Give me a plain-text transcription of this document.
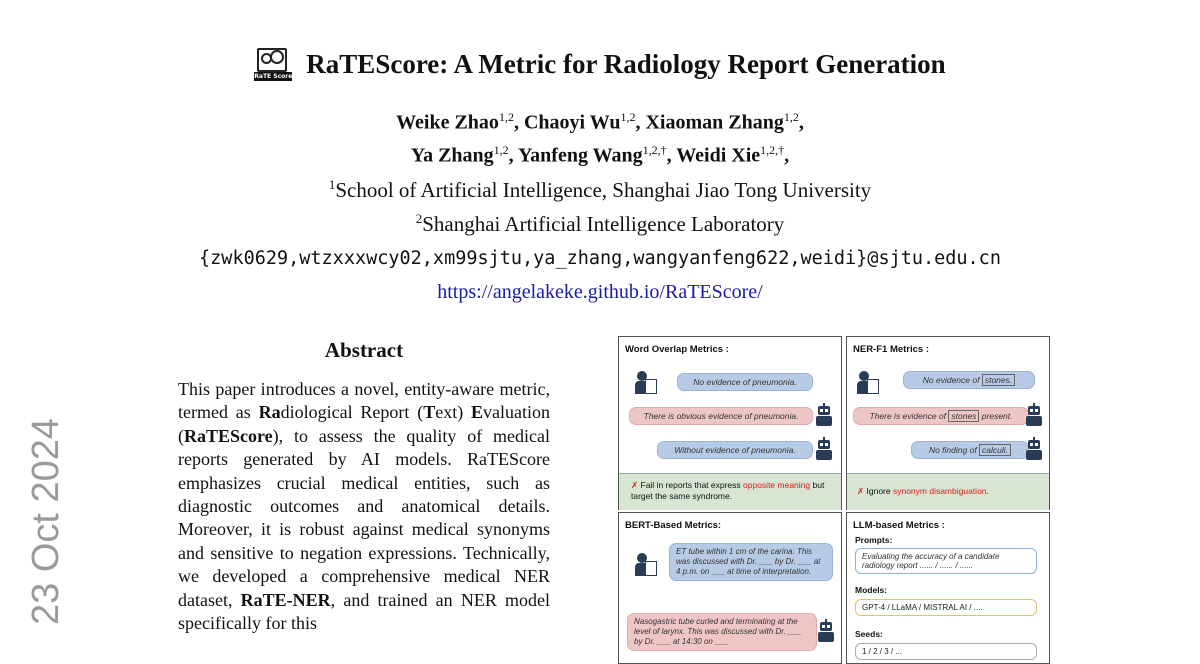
RaTE Score RaTEScore: A Metric for Radiology Report Generation
Weike Zhao$^{1,2}$, Chaoyi Wu$^{1,2}$, Xiaoman Zhang$^{1,2}$,
Ya Zhang$^{1,2}$, Yanfeng Wang$^{1,2,\dagger}$, Weidi Xie$^{1,2,\dagger}$,
$^1$School of Artificial Intelligence, Shanghai Jiao Tong University
$^2$Shanghai Artificial Intelligence Laboratory
{zwk0629,wtzxxxwcy02,xm99sjtu,ya_zhang,wangyanfeng622,weidi}@sjtu.edu.cn
https://angelakeke.github.io/RaTEScore/
23 Oct 2024
Abstract
This paper introduces a novel, entity-aware metric, termed as Radiological Report (Text) Evaluation (RaTEScore), to assess the quality of medical reports generated by AI models. RaTEScore emphasizes crucial medical entities, such as diagnostic outcomes and anatomical details. Moreover, it is robust against medical synonyms and sensitive to negation expressions. Technically, we developed a comprehensive medical NER dataset, RaTE-NER, and trained an NER model specifically for this
Word Overlap Metrics :
No evidence of pneumonia.
There is obvious evidence of pneumonia.
Without evidence of pneumonia.
✗ Fail in reports that express opposite meaning but target the same syndrome.
NER-F1 Metrics :
No evidence of stones.
There is evidence of stones present.
No finding of calculi.
✗ Ignore synonym disambiguation.
BERT-Based Metrics:
ET tube within 1 cm of the carina. This was discussed with Dr. ___ by Dr. ___ at 4 p.m. on ___ at time of interpretation.
Nasogastric tube curled and terminating at the level of larynx. This was discussed with Dr. ___ by Dr. ___ at 14:30 on ___
LLM-based Metrics :
Prompts:
Evaluating the accuracy of a candidate radiology report ...... / ...... / ......
Models:
GPT-4 / LLaMA / MISTRAL AI / ....
Seeds:
1 / 2 / 3 / ...
